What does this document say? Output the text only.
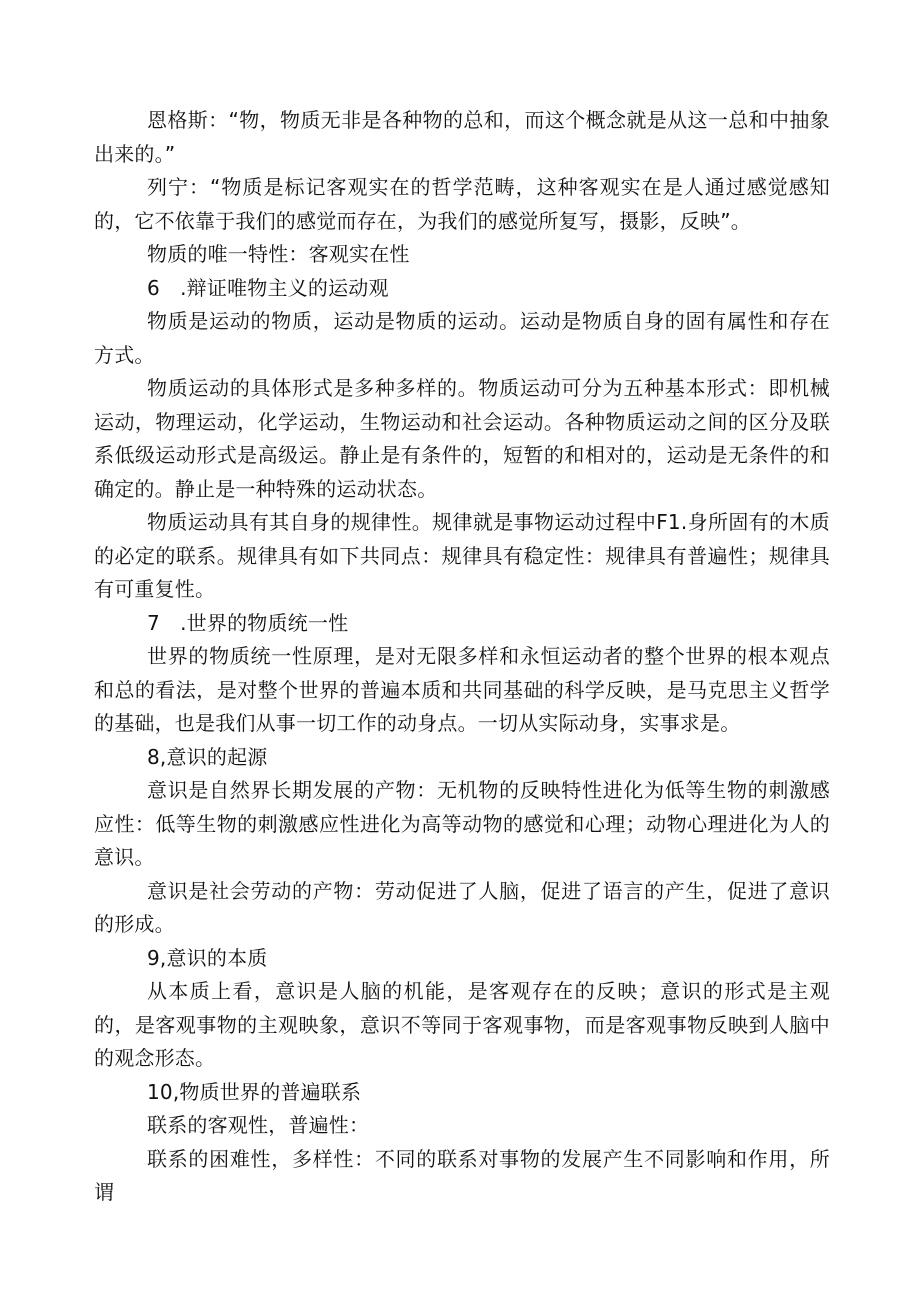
恩格斯：“物，物质无非是各种物的总和，而这个概念就是从这一总和中抽象出来的。”

列宁：“物质是标记客观实在的哲学范畴，这种客观实在是人通过感觉感知的，它不依靠于我们的感觉而存在，为我们的感觉所复写，摄影，反映”。

物质的唯一特性：客观实在性

6　.辩证唯物主义的运动观

物质是运动的物质，运动是物质的运动。运动是物质自身的固有属性和存在方式。

物质运动的具体形式是多种多样的。物质运动可分为五种基本形式：即机械运动，物理运动，化学运动，生物运动和社会运动。各种物质运动之间的区分及联系低级运动形式是高级运。静止是有条件的，短暂的和相对的，运动是无条件的和确定的。静止是一种特殊的运动状态。

物质运动具有其自身的规律性。规律就是事物运动过程中F1.身所固有的木质的必定的联系。规律具有如下共同点：规律具有稳定性：规律具有普遍性；规律具有可重复性。

7　.世界的物质统一性

世界的物质统一性原理，是对无限多样和永恒运动者的整个世界的根本观点和总的看法，是对整个世界的普遍本质和共同基础的科学反映，是马克思主义哲学的基础，也是我们从事一切工作的动身点。一切从实际动身，实事求是。

8,意识的起源

意识是自然界长期发展的产物：无机物的反映特性进化为低等生物的刺激感应性：低等生物的刺激感应性进化为高等动物的感觉和心理；动物心理进化为人的意识。

意识是社会劳动的产物：劳动促进了人脑，促进了语言的产生，促进了意识的形成。

9,意识的本质

从本质上看，意识是人脑的机能，是客观存在的反映；意识的形式是主观的，是客观事物的主观映象，意识不等同于客观事物，而是客观事物反映到人脑中的观念形态。

10,物质世界的普遍联系

联系的客观性，普遍性：

联系的困难性，多样性：不同的联系对事物的发展产生不同影响和作用，所谓
